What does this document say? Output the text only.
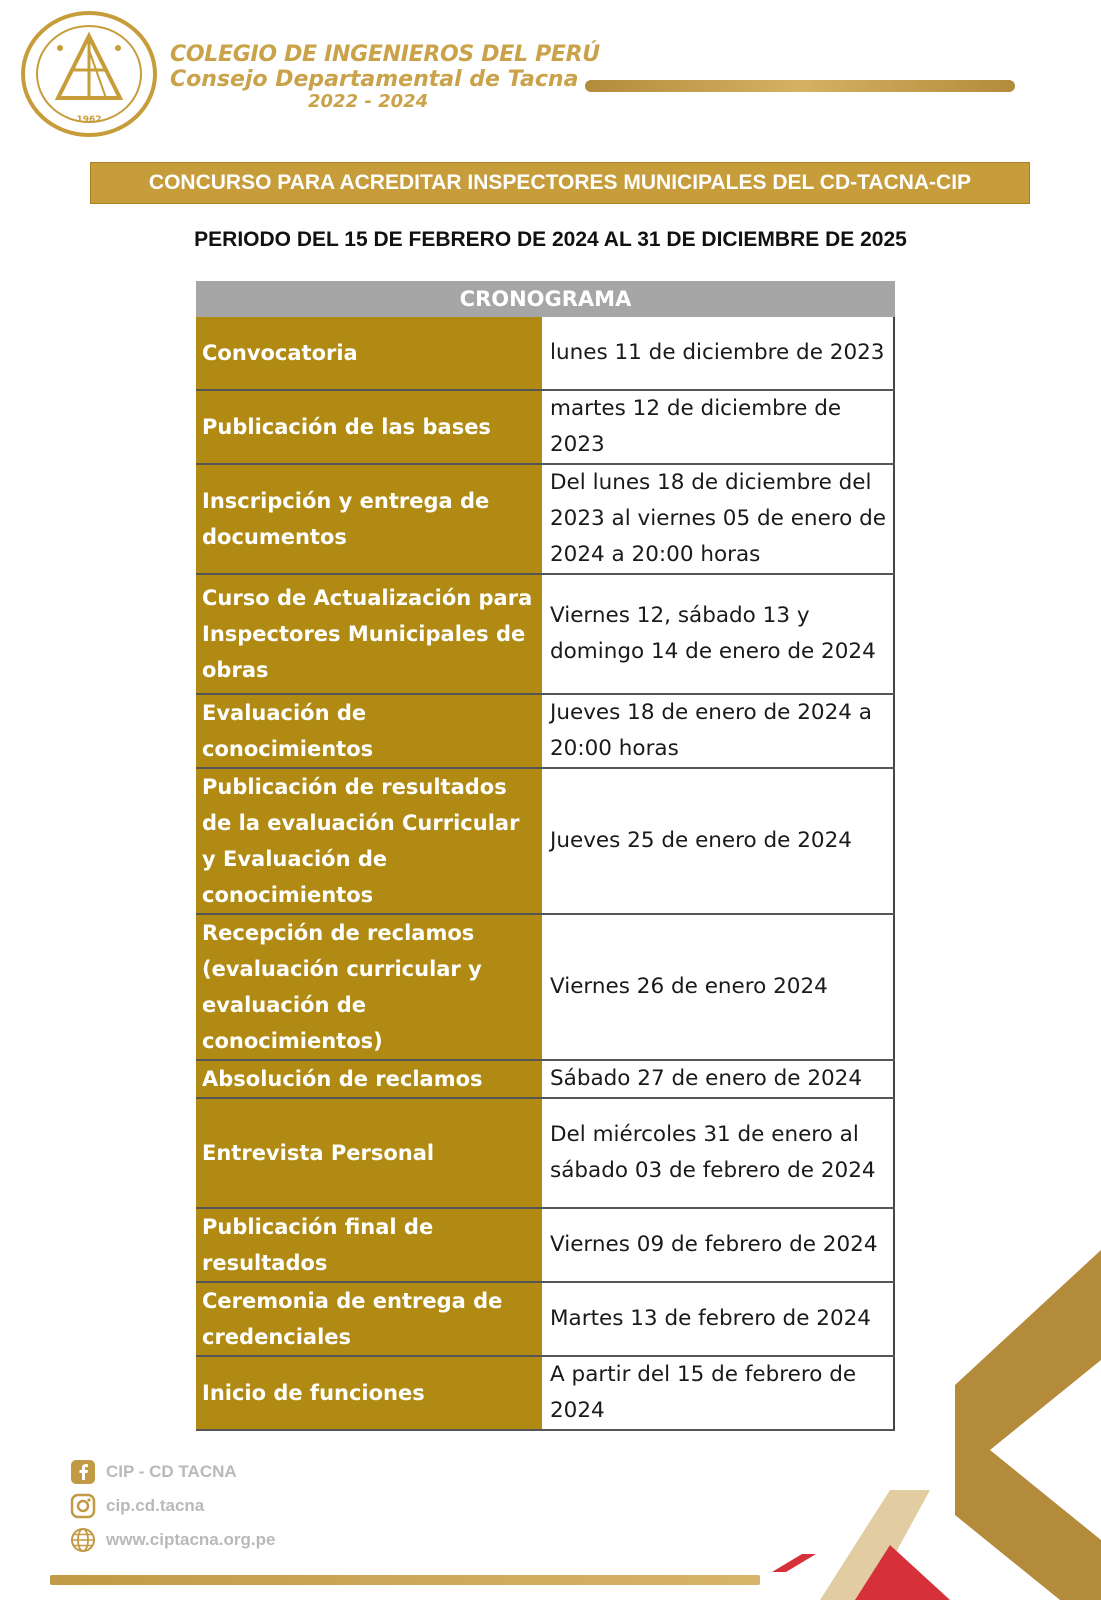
1962
COLEGIO DE INGENIEROS DEL PERÚ
Consejo Departamental de Tacna
2022 - 2024
CONCURSO PARA ACREDITAR INSPECTORES MUNICIPALES DEL CD-TACNA-CIP
PERIODO DEL 15 DE FEBRERO DE 2024 AL 31 DE DICIEMBRE DE 2025
CRONOGRAMA
Convocatoria	lunes 11 de diciembre de 2023
Publicación de las bases
martes 12 de diciembre de 2023
Inscripción y entrega de documentos
Del lunes 18 de diciembre del 2023 al viernes 05 de enero de 2024 a 20:00 horas
Curso de Actualización para Inspectores Municipales de obras
Viernes 12, sábado 13 y domingo 14 de enero de 2024
Evaluación de conocimientos
Jueves 18 de enero de 2024 a 20:00 horas
Publicación de resultados de la evaluación Curricular y Evaluación de conocimientos
Jueves 25 de enero de 2024
Recepción de reclamos (evaluación curricular y evaluación de conocimientos)
Viernes 26 de enero 2024
Absolución de reclamos	Sábado 27 de enero de 2024
Entrevista Personal
Del miércoles 31 de enero al sábado 03 de febrero de 2024
Publicación final de resultados
Viernes 09 de febrero de 2024
Ceremonia de entrega de credenciales
Martes 13 de febrero de 2024
Inicio de funciones
A partir del 15 de febrero de 2024
CIP - CD TACNA
cip.cd.tacna
www.ciptacna.org.pe
